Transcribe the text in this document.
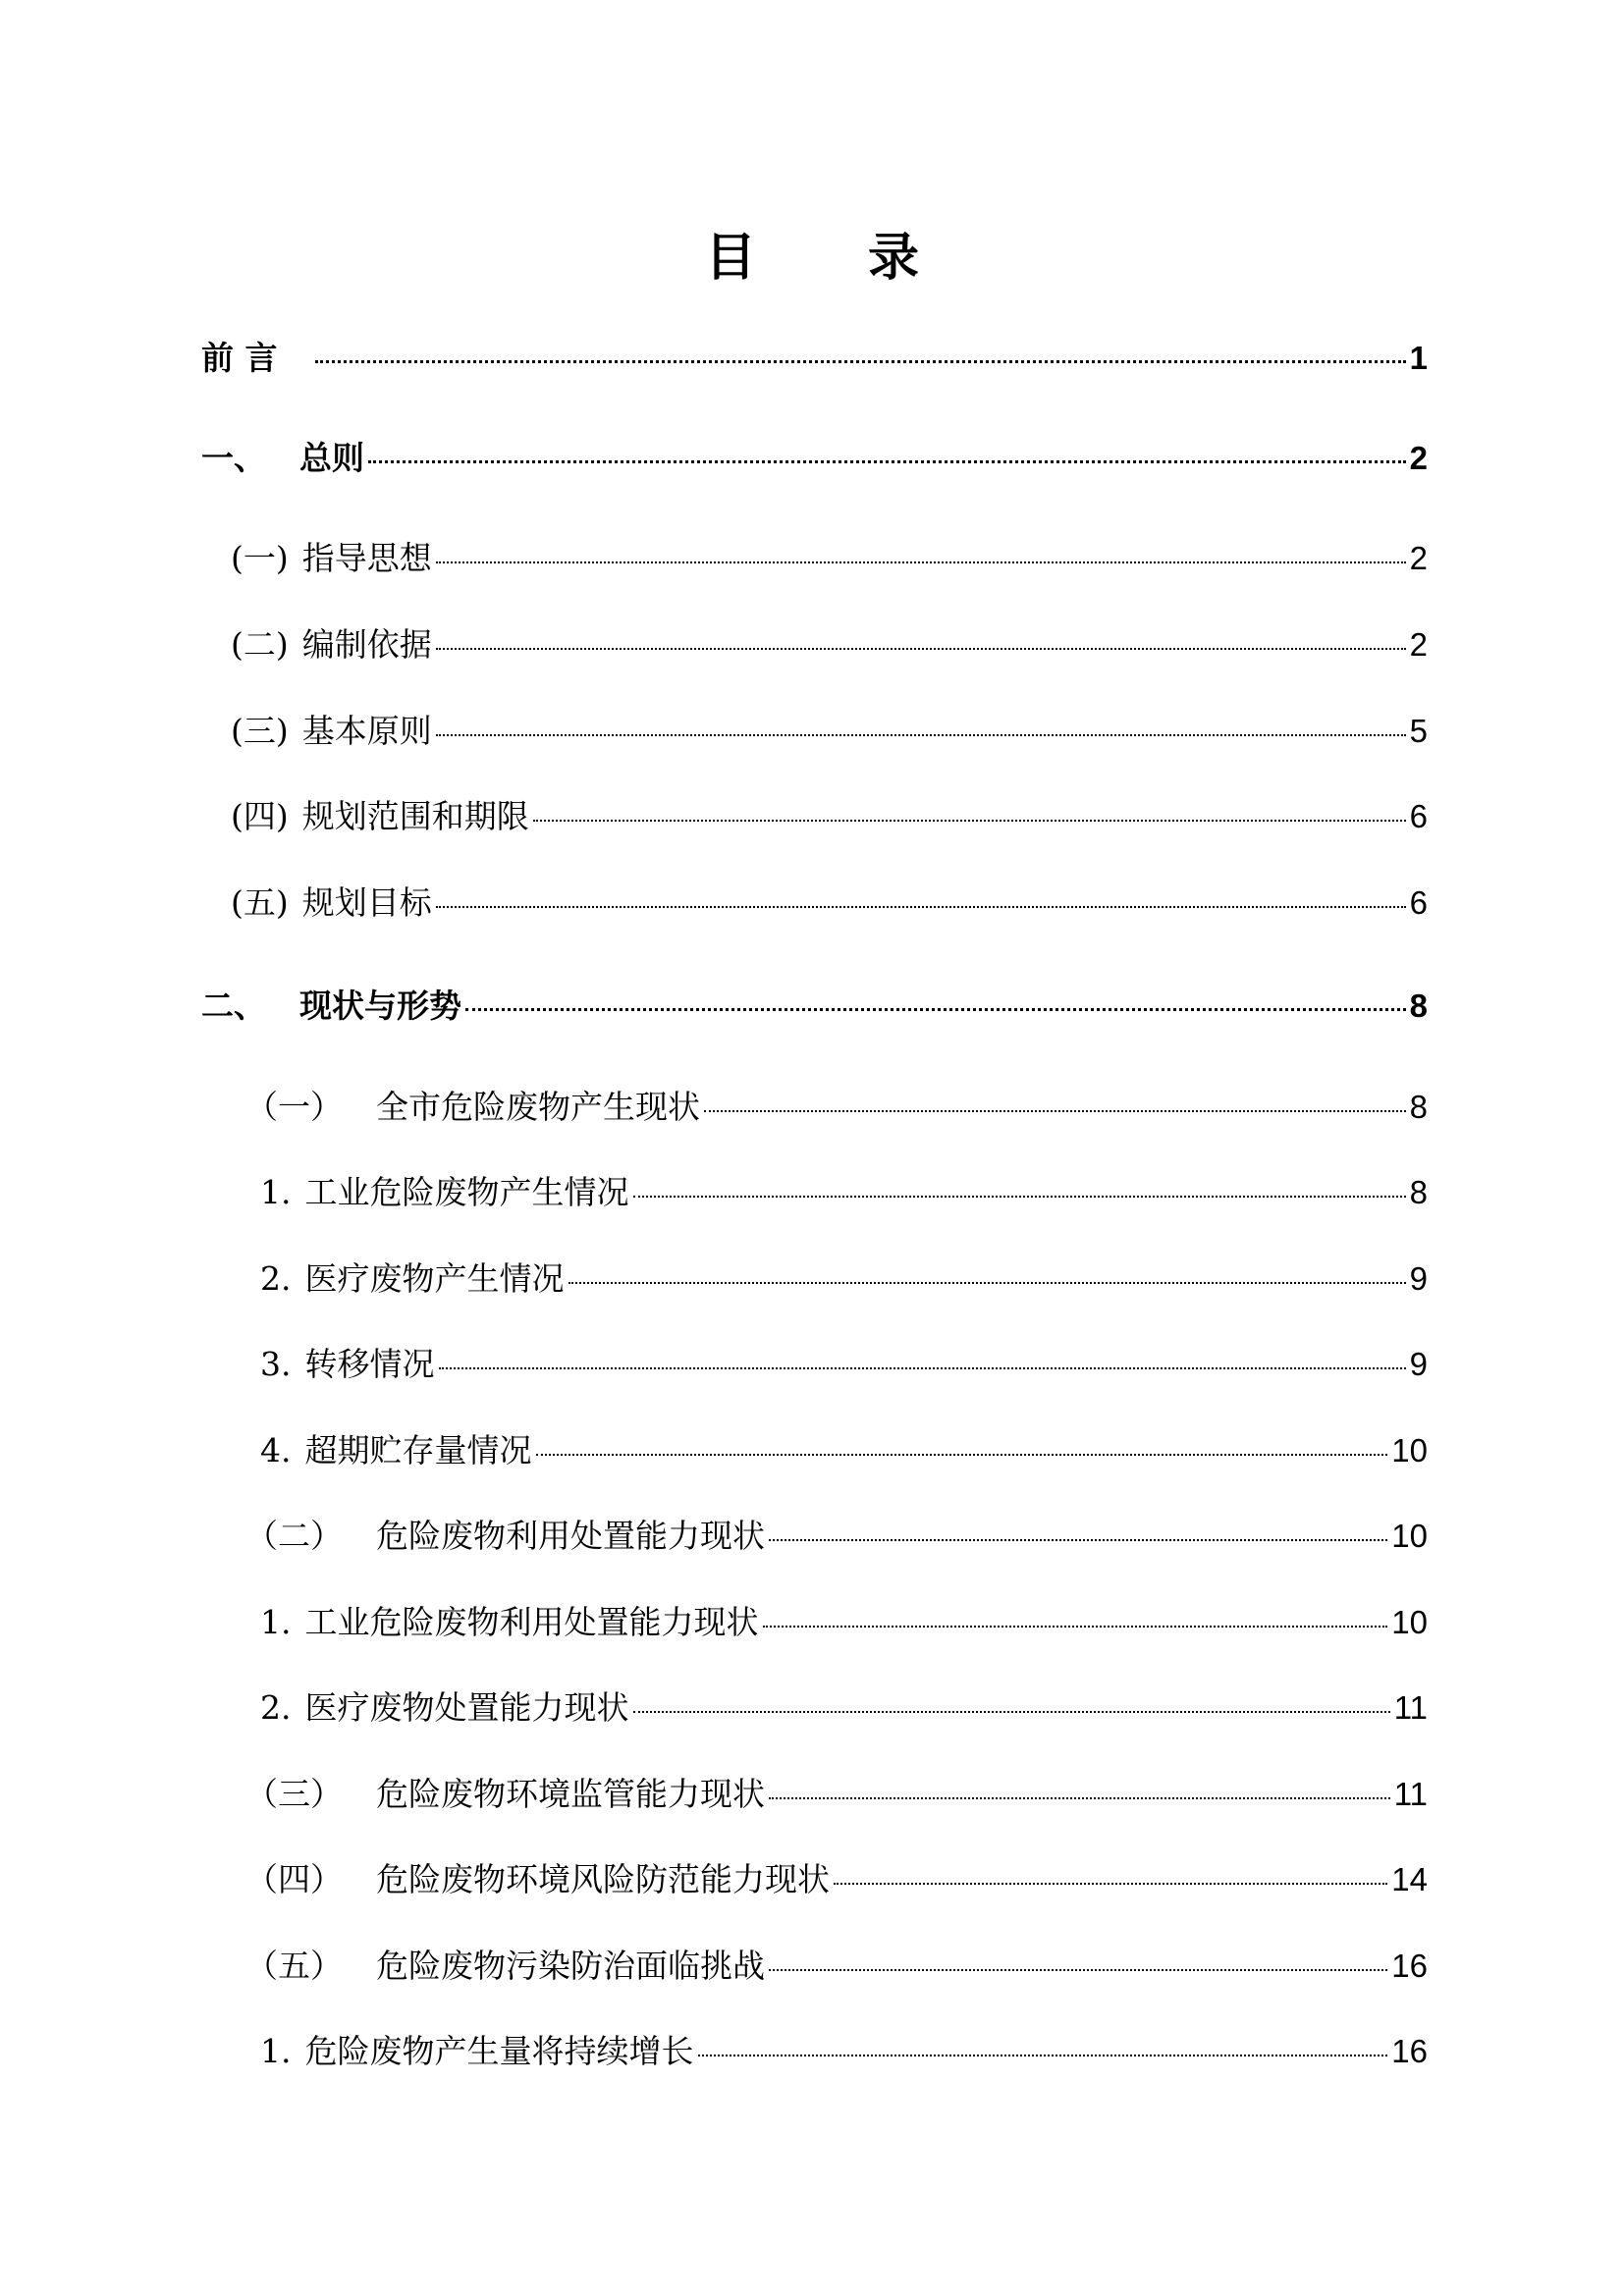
目 录
前 言	1
一、 总则	2
(一) 指导思想	2
(二) 编制依据	2
(三) 基本原则	5
(四) 规划范围和期限	6
(五) 规划目标	6
二、 现状与形势	8
（一） 全市危险废物产生现状	8
1. 工业危险废物产生情况	8
2. 医疗废物产生情况	9
3. 转移情况	9
4. 超期贮存量情况	10
（二） 危险废物利用处置能力现状	10
1. 工业危险废物利用处置能力现状	10
2. 医疗废物处置能力现状	11
（三） 危险废物环境监管能力现状	11
（四） 危险废物环境风险防范能力现状	14
（五） 危险废物污染防治面临挑战	16
1. 危险废物产生量将持续增长	16
